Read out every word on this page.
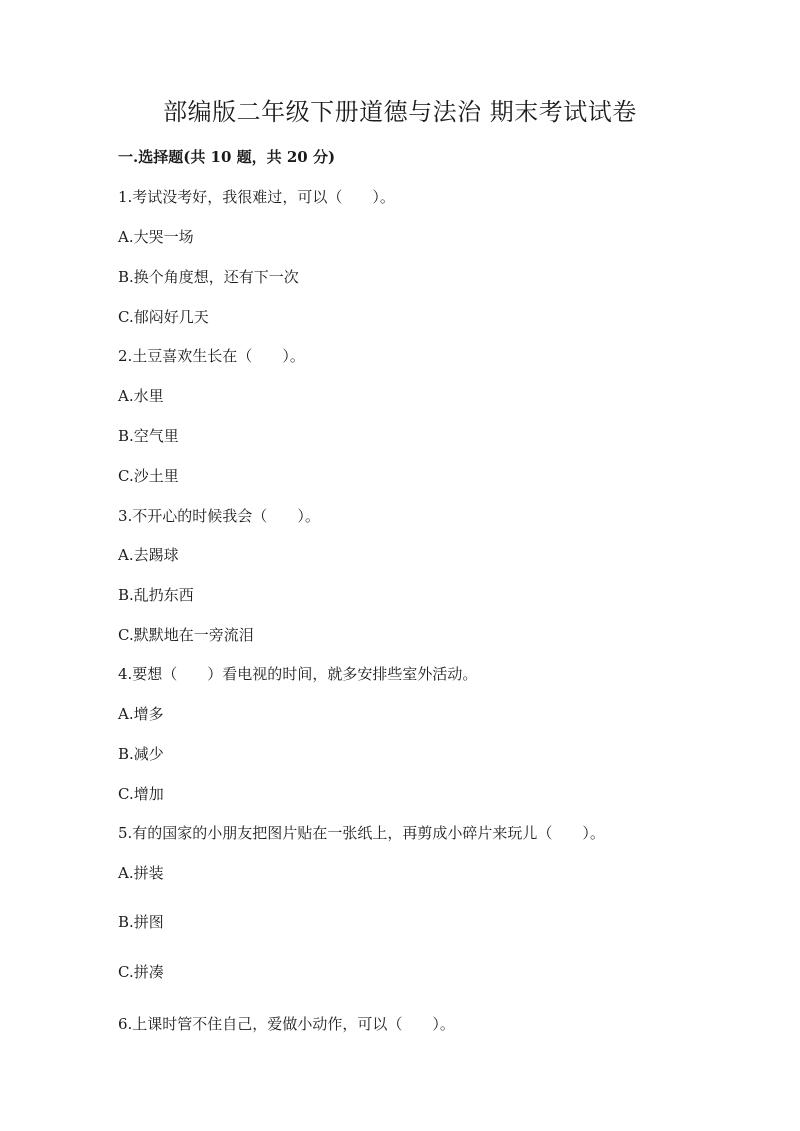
部编版二年级下册道德与法治 期末考试试卷
一.选择题(共 10 题，共 20 分)
1.考试没考好，我很难过，可以（　　）。
A.大哭一场
B.换个角度想，还有下一次
C.郁闷好几天
2.土豆喜欢生长在（　　）。
A.水里
B.空气里
C.沙土里
3.不开心的时候我会（　　）。
A.去踢球
B.乱扔东西
C.默默地在一旁流泪
4.要想（　　）看电视的时间，就多安排些室外活动。
A.增多
B.减少
C.增加
5.有的国家的小朋友把图片贴在一张纸上，再剪成小碎片来玩儿（　　）。
A.拼装
B.拼图
C.拼凑
6.上课时管不住自己，爱做小动作，可以（　　）。
